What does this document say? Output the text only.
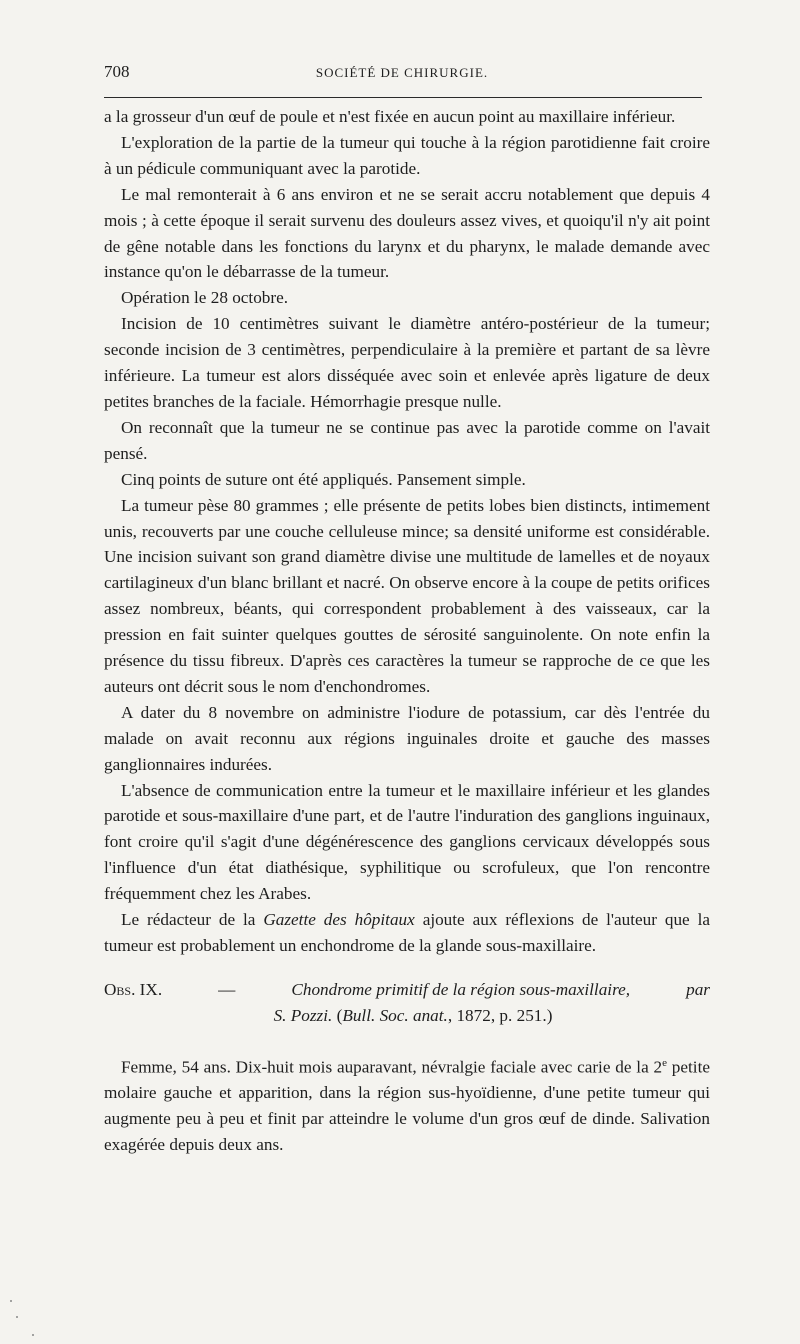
708	SOCIÉTÉ DE CHIRURGIE.

a la grosseur d'un œuf de poule et n'est fixée en aucun point au maxillaire inférieur.

L'exploration de la partie de la tumeur qui touche à la région parotidienne fait croire à un pédicule communiquant avec la parotide.

Le mal remonterait à 6 ans environ et ne se serait accru notablement que depuis 4 mois ; à cette époque il serait survenu des douleurs assez vives, et quoiqu'il n'y ait point de gêne notable dans les fonctions du larynx et du pharynx, le malade demande avec instance qu'on le débarrasse de la tumeur.

Opération le 28 octobre.

Incision de 10 centimètres suivant le diamètre antéro-postérieur de la tumeur; seconde incision de 3 centimètres, perpendiculaire à la première et partant de sa lèvre inférieure. La tumeur est alors disséquée avec soin et enlevée après ligature de deux petites branches de la faciale. Hémorrhagie presque nulle.

On reconnaît que la tumeur ne se continue pas avec la parotide comme on l'avait pensé.

Cinq points de suture ont été appliqués. Pansement simple.

La tumeur pèse 80 grammes ; elle présente de petits lobes bien distincts, intimement unis, recouverts par une couche celluleuse mince; sa densité uniforme est considérable. Une incision suivant son grand diamètre divise une multitude de lamelles et de noyaux cartilagineux d'un blanc brillant et nacré. On observe encore à la coupe de petits orifices assez nombreux, béants, qui correspondent probablement à des vaisseaux, car la pression en fait suinter quelques gouttes de sérosité sanguinolente. On note enfin la présence du tissu fibreux. D'après ces caractères la tumeur se rapproche de ce que les auteurs ont décrit sous le nom d'enchondromes.

A dater du 8 novembre on administre l'iodure de potassium, car dès l'entrée du malade on avait reconnu aux régions inguinales droite et gauche des masses ganglionnaires indurées.

L'absence de communication entre la tumeur et le maxillaire inférieur et les glandes parotide et sous-maxillaire d'une part, et de l'autre l'induration des ganglions inguinaux, font croire qu'il s'agit d'une dégénérescence des ganglions cervicaux développés sous l'influence d'un état diathésique, syphilitique ou scrofuleux, que l'on rencontre fréquemment chez les Arabes.

Le rédacteur de la Gazette des hôpitaux ajoute aux réflexions de l'auteur que la tumeur est probablement un enchondrome de la glande sous-maxillaire.

Obs. IX.	—	Chondrome primitif de la région sous-maxillaire,	par
S. Pozzi. (Bull. Soc. anat., 1872, p. 251.)

Femme, 54 ans. Dix-huit mois auparavant, névralgie faciale avec carie de la 2e petite molaire gauche et apparition, dans la région sus-hyoïdienne, d'une petite tumeur qui augmente peu à peu et finit par atteindre le volume d'un gros œuf de dinde. Salivation exagérée depuis deux ans.
